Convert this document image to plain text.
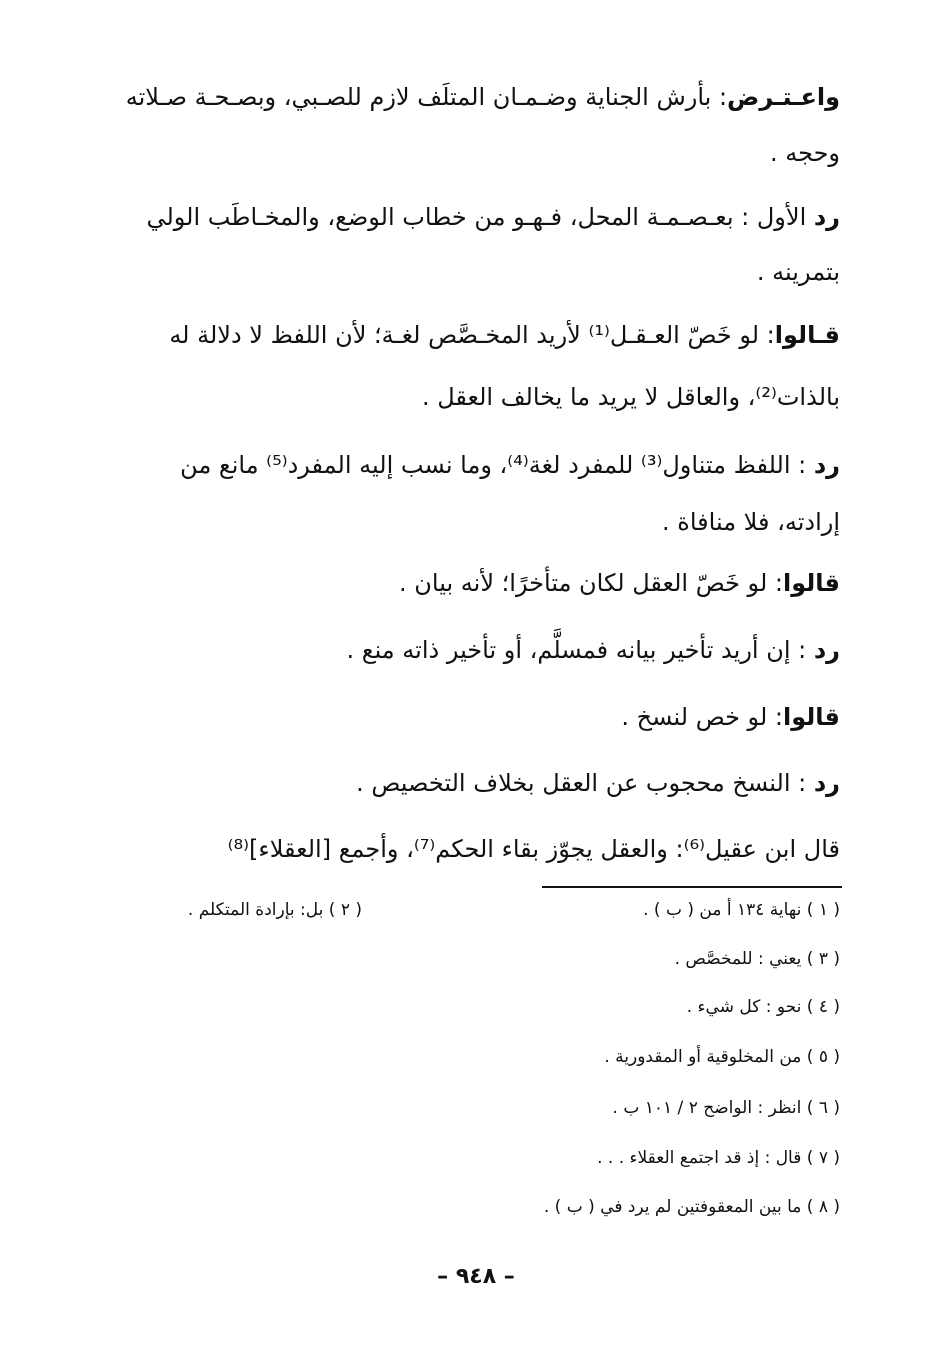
واعـتـرض: بأرش الجناية وضـمـان المتلَف لازم للصـبي، وبصـحـة صـلاته

وحجه .

رد الأول : بعـصـمـة المحل، فـهـو من خطاب الوضع، والمخـاطَب الولي

بتمرينه .

قـالوا: لو خَصّ العـقـل⁽¹⁾ لأريد المخـصَّص لغـة؛ لأن اللفظ لا دلالة له

بالذات⁽²⁾، والعاقل لا يريد ما يخالف العقل .

رد : اللفظ متناول⁽³⁾ للمفرد لغة⁽⁴⁾، وما نسب إليه المفرد⁽⁵⁾ مانع من

إرادته، فلا منافاة .

قالوا: لو خَصّ العقل لكان متأخرًا؛ لأنه بيان .

رد : إن أريد تأخير بيانه فمسلَّم، أو تأخير ذاته منع .

قالوا: لو خص لنسخ .

رد : النسخ محجوب عن العقل بخلاف التخصيص .

قال ابن عقيل⁽⁶⁾: والعقل يجوّز بقاء الحكم⁽⁷⁾، وأجمع [العقلاء]⁽⁸⁾

( ٢ ) بل: بإرادة المتكلم .	( ١ ) نهاية ١٣٤ أ من ( ب ) .

( ٣ ) يعني : للمخصَّص .

( ٤ ) نحو : كل شيء .

( ٥ ) من المخلوقية أو المقدورية .

( ٦ ) انظر : الواضح ٢ / ١٠١ ب .

( ٧ ) قال : إذ قد اجتمع العقلاء . . .

( ٨ ) ما بين المعقوفتين لم يرد في ( ب ) .

– ٩٤٨ –
